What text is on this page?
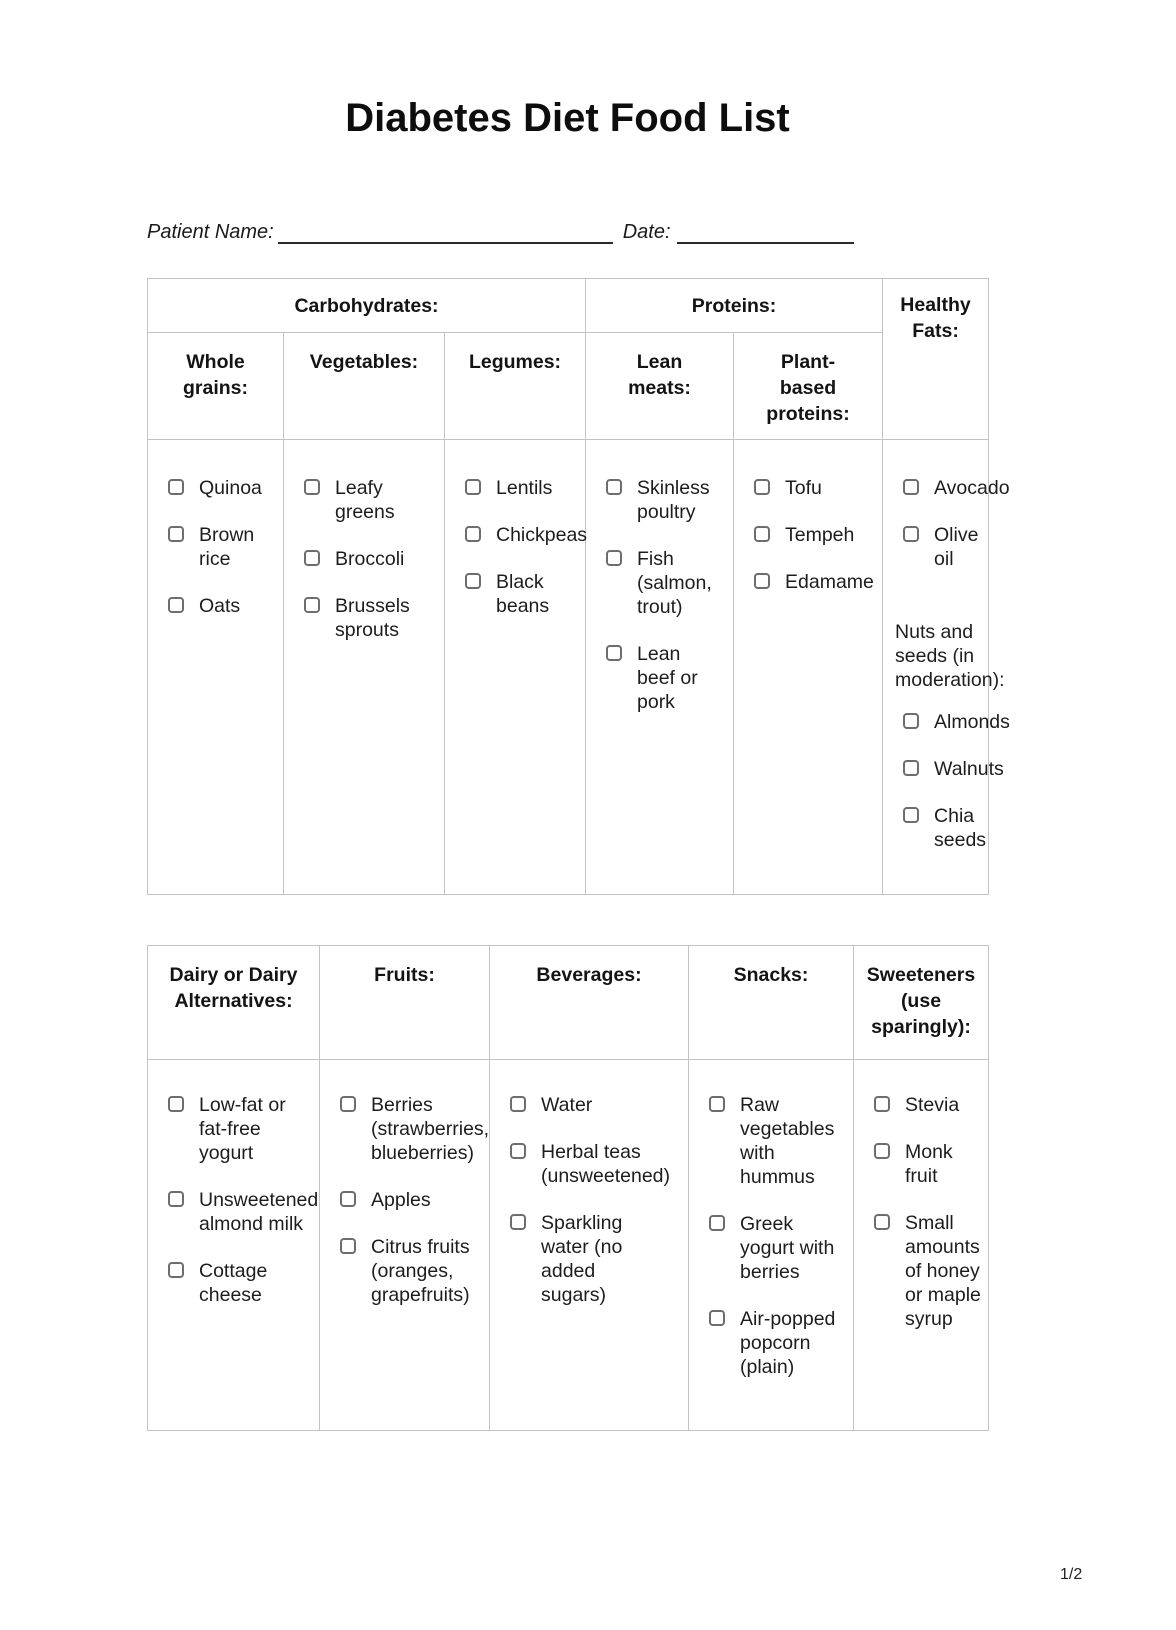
Diabetes Diet Food List
Patient Name:	Date:
Carbohydrates:			Proteins:		Healthy Fats:
Whole grains:	Vegetables:	Legumes:	Lean meats:	Plant-based proteins:	

Quinoa
Brown rice
Oats

Leafy greens
Broccoli
Brussels sprouts

Lentils
Chickpeas
Black beans

Skinless poultry
Fish (salmon, trout)
Lean beef or pork

Tofu
Tempeh
Edamame

Avocado
Olive oil
Nuts and seeds (in moderation):
Almonds
Walnuts
Chia seeds
Dairy or Dairy Alternatives:	Fruits:	Beverages:	Snacks:	Sweeteners (use sparingly):

Low-fat or fat-free yogurt
Unsweetened almond milk
Cottage cheese

Berries (strawberries, blueberries)
Apples
Citrus fruits (oranges, grapefruits)

Water
Herbal teas (unsweetened)
Sparkling water (no added sugars)

Raw vegetables with hummus
Greek yogurt with berries
Air-popped popcorn (plain)

Stevia
Monk fruit
Small amounts of honey or maple syrup
1/2
